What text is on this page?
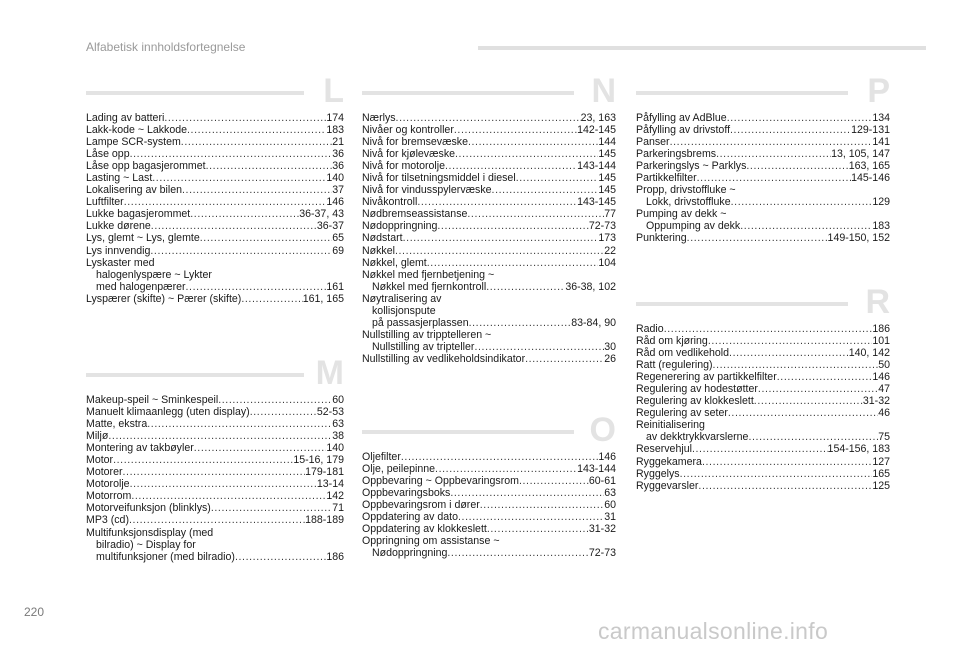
Alfabetisk innholdsfortegnelse
L
Lading av batteri .....	174
Lakk-kode ~ Lakkode .....	183
Lampe SCR-system .....	21
Låse opp .....	36
Låse opp bagasjerommet .....	36
Lasting ~ Last .....	140
Lokalisering av bilen .....	37
Luftfilter .....	146
Lukke bagasjerommet .....	36-37, 43
Lukke dørene .....	36-37
Lys, glemt ~ Lys, glemte .....	65
Lys innvendig .....	69
Lyskaster med
halogenlyspære ~ Lykter
med halogenpærer .....	161
Lyspærer (skifte) ~ Pærer (skifte) .....	161, 165
M
Makeup-speil ~ Sminkespeil .....	60
Manuelt klimaanlegg (uten display) .....	52-53
Matte, ekstra .....	63
Miljø .....	38
Montering av takbøyler .....	140
Motor .....	15-16, 179
Motorer .....	179-181
Motorolje .....	13-14
Motorrom .....	142
Motorveifunksjon (blinklys) .....	71
MP3 (cd) .....	188-189
Multifunksjonsdisplay (med
bilradio) ~ Display for
multifunksjoner (med bilradio) .....	186
N
Nærlys .....	23, 163
Nivåer og kontroller .....	142-145
Nivå for bremsevæske .....	144
Nivå for kjølevæske .....	145
Nivå for motorolje .....	143-144
Nivå for tilsetningsmiddel i diesel .....	145
Nivå for vindusspylervæske .....	145
Nivåkontroll .....	143-145
Nødbremseassistanse .....	77
Nødoppringning .....	72-73
Nødstart .....	173
Nøkkel .....	22
Nøkkel, glemt .....	104
Nøkkel med fjernbetjening ~
Nøkkel med fjernkontroll .....	36-38, 102
Nøytralisering av
kollisjonspute
på passasjerplassen .....	83-84, 90
Nullstilling av tripptelleren ~
Nullstilling av tripteller .....	30
Nullstilling av vedlikeholdsindikator .....	26
O
Oljefilter .....	146
Olje, peilepinne .....	143-144
Oppbevaring ~ Oppbevaringsrom .....	60-61
Oppbevaringsboks .....	63
Oppbevaringsrom i dører .....	60
Oppdatering av dato .....	31
Oppdatering av klokkeslett .....	31-32
Oppringning om assistanse ~
Nødoppringning .....	72-73
P
Påfylling av AdBlue .....	134
Påfylling av drivstoff .....	129-131
Panser .....	141
Parkeringsbrems .....	13, 105, 147
Parkeringslys ~ Parklys .....	163, 165
Partikkelfilter .....	145-146
Propp, drivstoffluke ~
Lokk, drivstoffluke .....	129
Pumping av dekk ~
Oppumping av dekk .....	183
Punktering .....	149-150, 152
R
Radio .....	186
Råd om kjøring .....	101
Råd om vedlikehold .....	140, 142
Ratt (regulering) .....	50
Regenerering av partikkelfilter .....	146
Regulering av hodestøtter .....	47
Regulering av klokkeslett .....	31-32
Regulering av seter .....	46
Reinitialisering
av dekktrykkvarslerne .....	75
Reservehjul .....	154-156, 183
Ryggekamera .....	127
Ryggelys .....	165
Ryggevarsler .....	125
220
carmanualsonline.info
